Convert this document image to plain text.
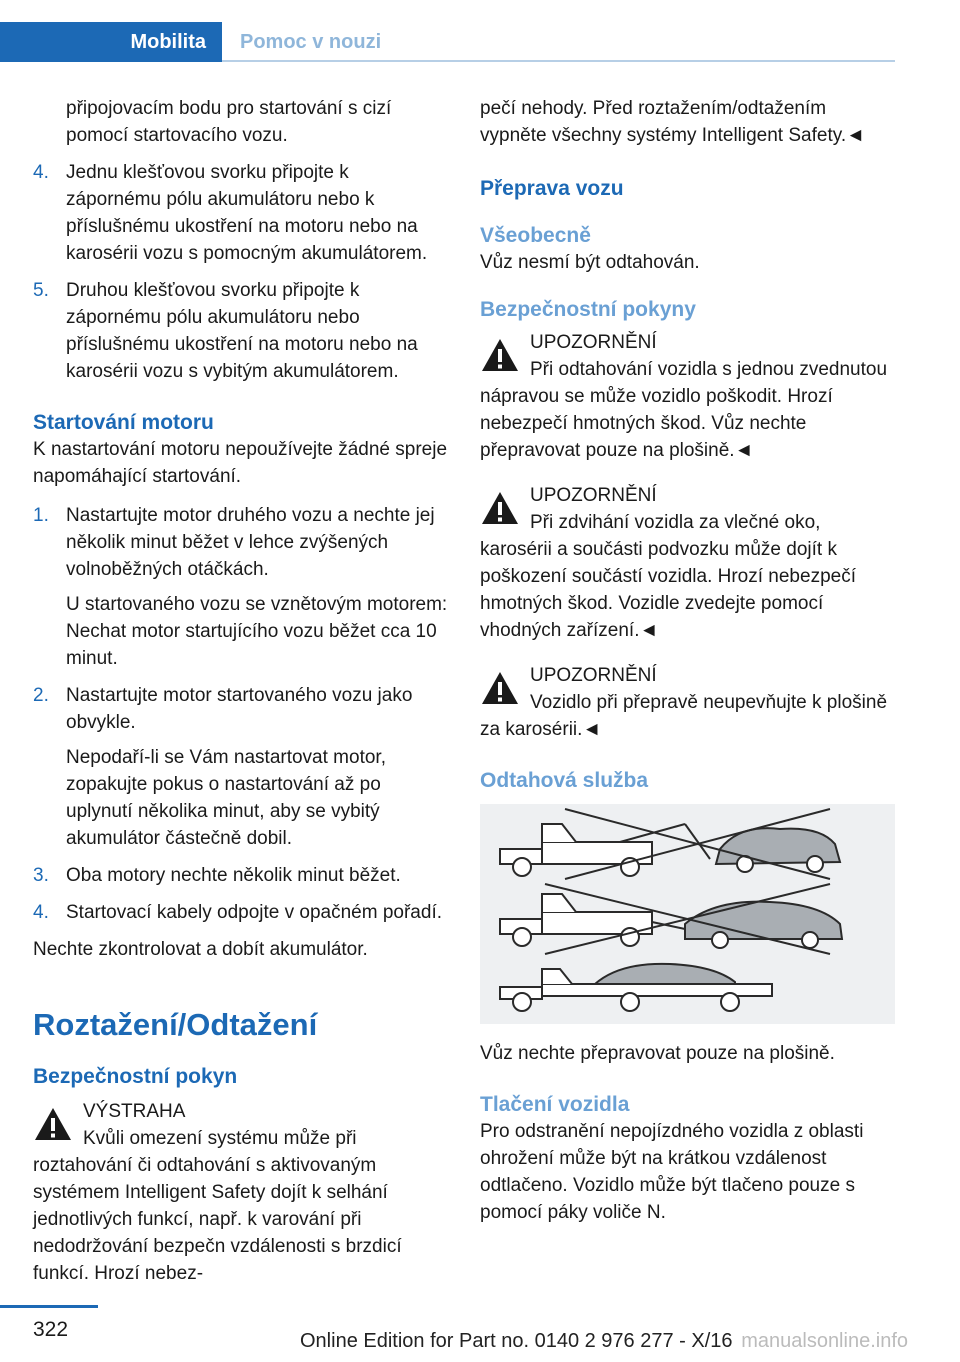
Mobilita Pomoc v nouzi

připojovacím bodu pro startování s cizí pomocí startovacího vozu.

4. Jednu klešťovou svorku připojte k zápornému pólu akumulátoru nebo k příslušnému ukostření na motoru nebo na karosérii vozu s pomocným akumulátorem.
5. Druhou klešťovou svorku připojte k zápornému pólu akumulátoru nebo příslušnému ukostření na motoru nebo na karosérii vozu s vybitým akumulátorem.
Startování motoru

K nastartování motoru nepoužívejte žádné spreje napomáhající startování.

1. Nastartujte motor druhého vozu a nechte jej několik minut běžet v lehce zvýšených volnoběžných otáčkách.

U startovaného vozu se vznětovým motorem: Nechat motor startujícího vozu běžet cca 10 minut.

2. Nastartujte motor startovaného vozu jako obvykle.

Nepodaří-li se Vám nastartovat motor, zopakujte pokus o nastartování až po uplynutí několika minut, aby se vybitý akumulátor částečně dobil.

3. Oba motory nechte několik minut běžet.
4. Startovací kabely odpojte v opačném pořadí.

Nechte zkontrolovat a dobít akumulátor.

Roztažení/Odtažení
Bezpečnostní pokyn

VÝSTRAHA

Kvůli omezení systému může při roztahování či odtahování s aktivovaným systémem Intelligent Safety dojít k selhání jednotlivých funkcí, např. k varování při nedodržování bezpečn vzdálenosti s brzdicí funkcí. Hrozí nebez-

pečí nehody. Před roztažením/odtažením vypněte všechny systémy Intelligent Safety.◄

Přeprava vozu
Všeobecně

Vůz nesmí být odtahován.

Bezpečnostní pokyny

UPOZORNĚNÍ

Při odtahování vozidla s jednou zvednutou nápravou se může vozidlo poškodit. Hrozí nebezpečí hmotných škod. Vůz nechte přepravovat pouze na plošině.◄

UPOZORNĚNÍ

Při zdvihání vozidla za vlečné oko, karosérii a součásti podvozku může dojít k poškození součástí vozidla. Hrozí nebezpečí hmotných škod. Vozidle zvedejte pomocí vhodných zařízení.◄

UPOZORNĚNÍ

Vozidlo při přepravě neupevňujte k plošině za karosérii.◄

Odtahová služba

Vůz nechte přepravovat pouze na plošině.

Tlačení vozidla

Pro odstranění nepojízdného vozidla z oblasti ohrožení může být na krátkou vzdálenost odtlačeno. Vozidlo může být tlačeno pouze s pomocí páky voliče N.

322	Online Edition for Part no. 0140 2 976 277 - X/16 manualsonline.info
